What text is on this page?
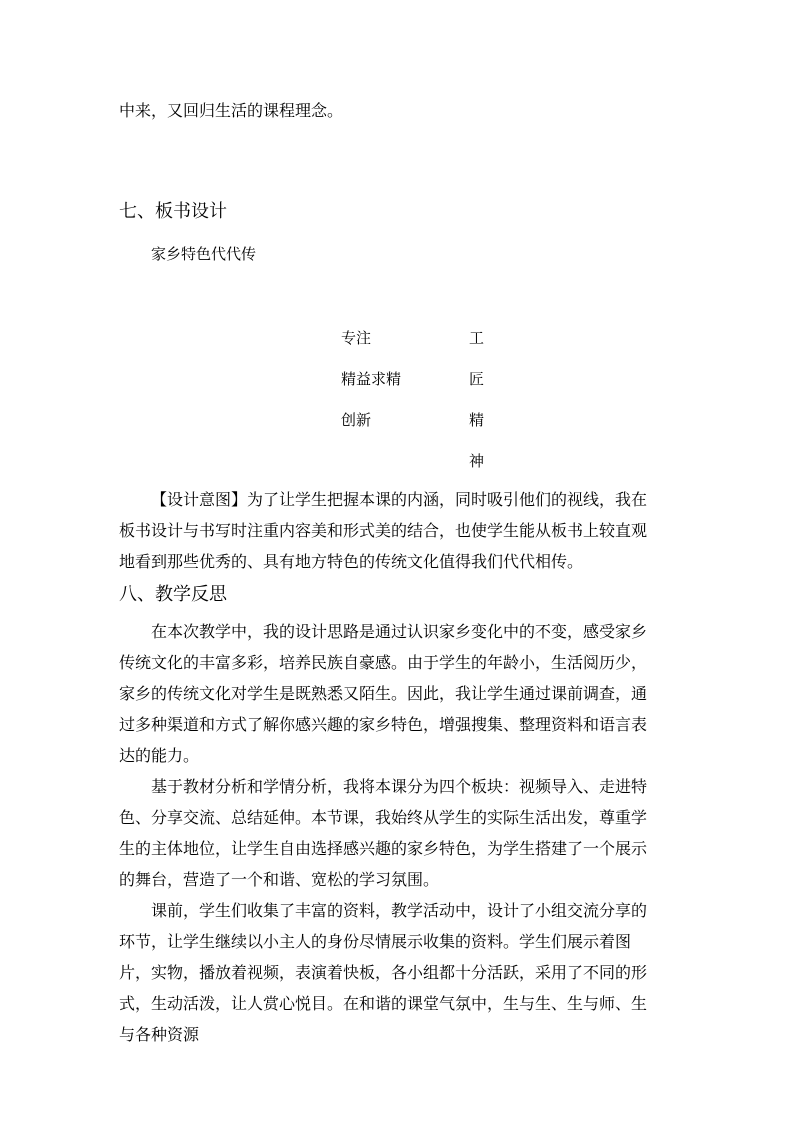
中来，又回归生活的课程理念。
七、板书设计
家乡特色代代传
专注
精益求精
创新
工
匠
精
神

【设计意图】为了让学生把握本课的内涵，同时吸引他们的视线，我在板书设计与书写时注重内容美和形式美的结合，也使学生能从板书上较直观地看到那些优秀的、具有地方特色的传统文化值得我们代代相传。

八、教学反思

在本次教学中，我的设计思路是通过认识家乡变化中的不变，感受家乡传统文化的丰富多彩，培养民族自豪感。由于学生的年龄小，生活阅历少，家乡的传统文化对学生是既熟悉又陌生。因此，我让学生通过课前调查，通过多种渠道和方式了解你感兴趣的家乡特色，增强搜集、整理资料和语言表达的能力。

基于教材分析和学情分析，我将本课分为四个板块：视频导入、走进特色、分享交流、总结延伸。本节课，我始终从学生的实际生活出发，尊重学生的主体地位，让学生自由选择感兴趣的家乡特色，为学生搭建了一个展示的舞台，营造了一个和谐、宽松的学习氛围。

课前，学生们收集了丰富的资料，教学活动中，设计了小组交流分享的环节，让学生继续以小主人的身份尽情展示收集的资料。学生们展示着图片，实物，播放着视频，表演着快板，各小组都十分活跃，采用了不同的形式，生动活泼，让人赏心悦目。在和谐的课堂气氛中，生与生、生与师、生与各种资源
